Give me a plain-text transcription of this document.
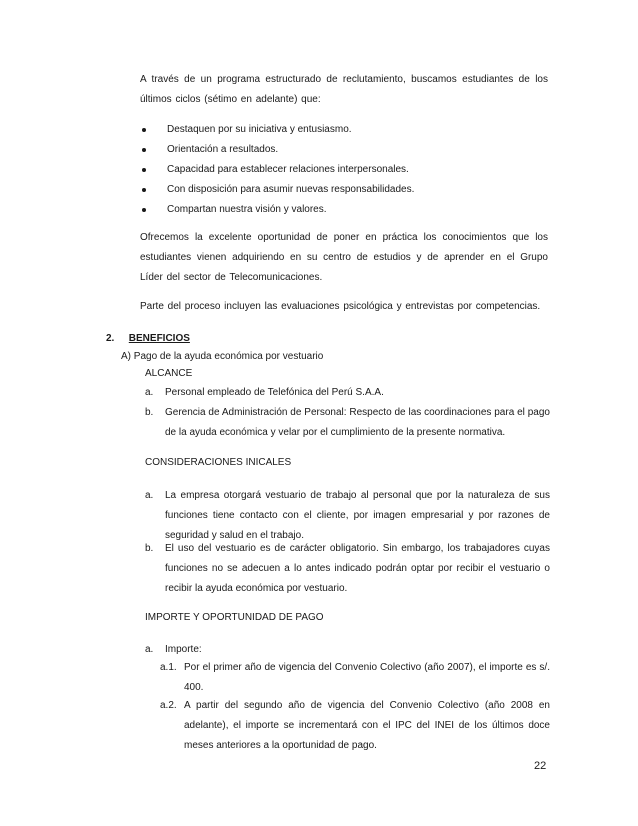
A través de un programa estructurado de reclutamiento, buscamos estudiantes de los últimos ciclos (sétimo en adelante) que:
Destaquen por su iniciativa y entusiasmo.
Orientación a resultados.
Capacidad para establecer relaciones interpersonales.
Con disposición para asumir nuevas responsabilidades.
Compartan nuestra visión y valores.
Ofrecemos la excelente oportunidad de poner en práctica los conocimientos que los estudiantes vienen adquiriendo en su centro de estudios y de aprender en el Grupo Líder del sector de Telecomunicaciones.
Parte del proceso incluyen las evaluaciones psicológica y entrevistas por competencias.
2. BENEFICIOS
A) Pago de la ayuda económica por vestuario
ALCANCE
a. Personal empleado de Telefónica del Perú S.A.A.
b. Gerencia de Administración de Personal: Respecto de las coordinaciones para el pago de la ayuda económica y velar por el cumplimiento de la presente normativa.
CONSIDERACIONES INICALES
a. La empresa otorgará vestuario de trabajo al personal que por la naturaleza de sus funciones tiene contacto con el cliente, por imagen empresarial y por razones de seguridad y salud en el trabajo.
b. El uso del vestuario es de carácter obligatorio. Sin embargo, los trabajadores cuyas funciones no se adecuen a lo antes indicado podrán optar por recibir el vestuario o recibir la ayuda económica por vestuario.
IMPORTE Y OPORTUNIDAD DE PAGO
a. Importe:
a.1. Por el primer año de vigencia del Convenio Colectivo (año 2007), el importe es s/. 400.
a.2. A partir del segundo año de vigencia del Convenio Colectivo (año 2008 en adelante), el importe se incrementará con el IPC del INEI de los últimos doce meses anteriores a la oportunidad de pago.
22
